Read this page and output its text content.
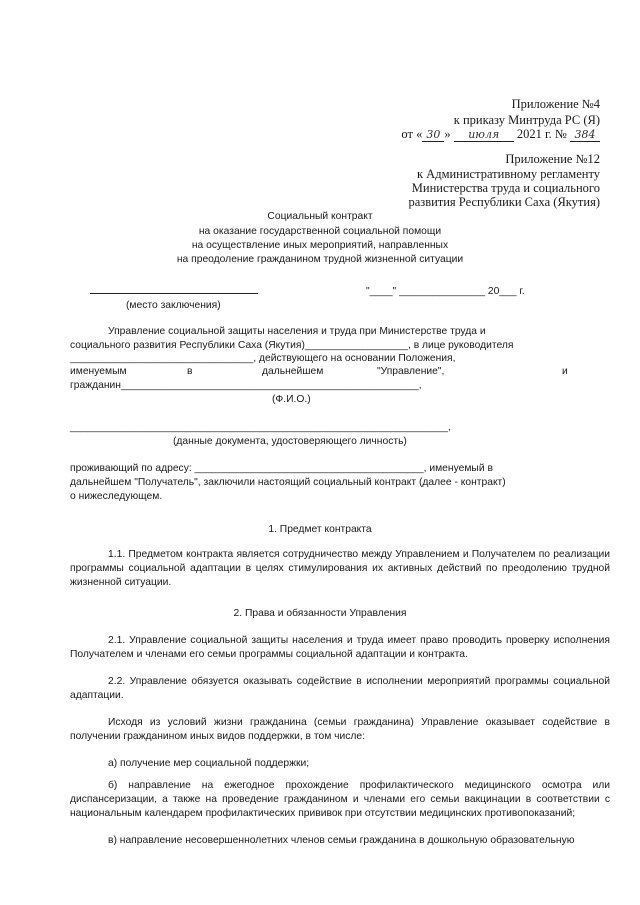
Приложение №4
к приказу Минтруда РС (Я)
от « 30 » июля 2021 г. № 384
Приложение №12
к Административному регламенту
Министерства труда и социального
развития Республики Саха (Якутия)
Социальный контракт
на оказание государственной социальной помощи
на осуществление иных мероприятий, направленных
на преодоление гражданином трудной жизненной ситуации
(место заключения)
"____" _______________ 20___ г.
Управление социальной защиты населения и труда при Министерстве труда и
социального развития Республики Саха (Якутия)__________________, в лице руководителя
________________________________, действующего на основании Положения,
именуемым	в	дальнейшем	"Управление",	и
гражданин____________________________________________________,
(Ф.И.О.)
__________________________________________________________________,
(данные документа, удостоверяющего личность)
проживающий по адресу: ________________________________________, именуемый в
дальнейшем "Получатель", заключили настоящий социальный контракт (далее - контракт)
о нижеследующем.
1. Предмет контракта
1.1. Предметом контракта является сотрудничество между Управлением и Получателем по реализации программы социальной адаптации в целях стимулирования их активных действий по преодолению трудной жизненной ситуации.
2. Права и обязанности Управления
2.1. Управление социальной защиты населения и труда имеет право проводить проверку исполнения Получателем и членами его семьи программы социальной адаптации и контракта.
2.2. Управление обязуется оказывать содействие в исполнении мероприятий программы социальной адаптации.
Исходя из условий жизни гражданина (семьи гражданина) Управление оказывает содействие в получении гражданином иных видов поддержки, в том числе:
а) получение мер социальной поддержки;
б) направление на ежегодное прохождение профилактического медицинского осмотра или диспансеризации, а также на проведение гражданином и членами его семьи вакцинации в соответствии с национальным календарем профилактических прививок при отсутствии медицинских противопоказаний;
в) направление несовершеннолетних членов семьи гражданина в дошкольную образовательную
